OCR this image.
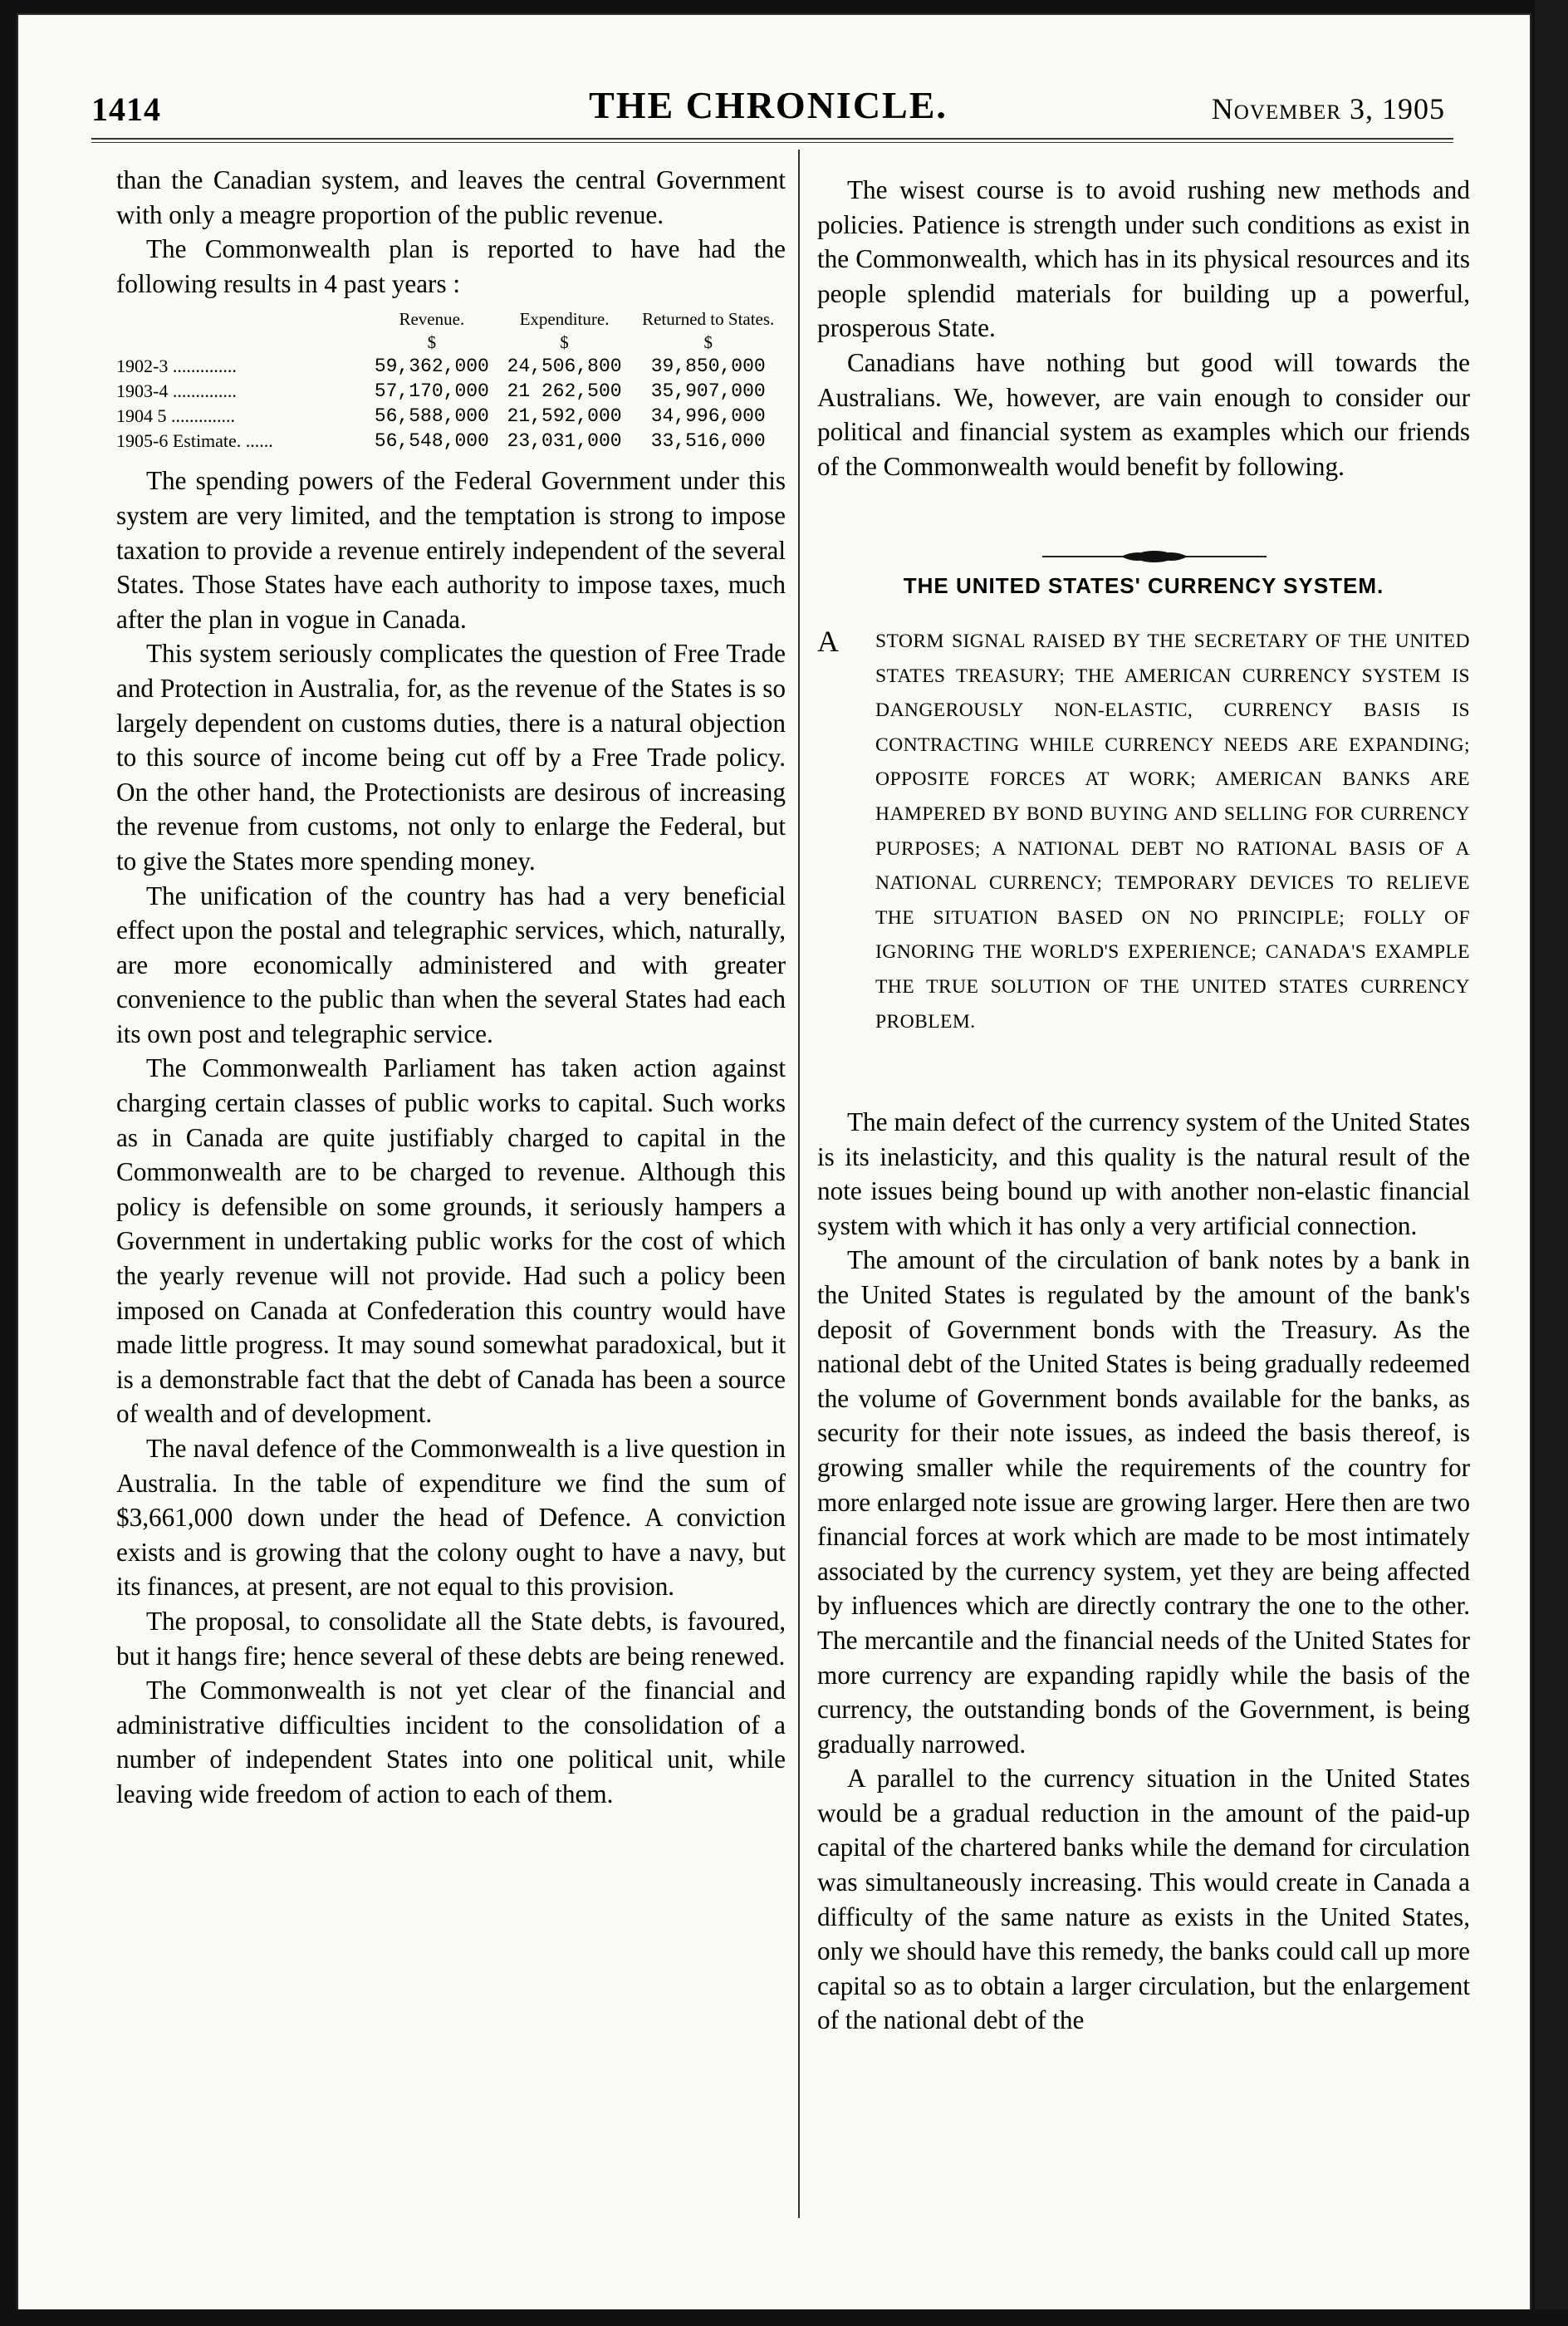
1414	THE CHRONICLE.	November 3, 1905

than the Canadian system, and leaves the central Government with only a meagre proportion of the public revenue.

The Commonwealth plan is reported to have had the following results in 4 past years :

	Revenue.	Expenditure.	Returned to States.
	$	$	$
1902-3 ..............	59,362,000	24,506,800	39,850,000
1903-4 ..............	57,170,000	21 262,500	35,907,000
1904 5 ..............	56,588,000	21,592,000	34,996,000
1905-6 Estimate. ......	56,548,000	23,031,000	33,516,000

The spending powers of the Federal Government under this system are very limited, and the temptation is strong to impose taxation to provide a revenue entirely independent of the several States. Those States have each authority to impose taxes, much after the plan in vogue in Canada.

This system seriously complicates the question of Free Trade and Protection in Australia, for, as the revenue of the States is so largely dependent on customs duties, there is a natural objection to this source of income being cut off by a Free Trade policy. On the other hand, the Protectionists are desirous of increasing the revenue from customs, not only to enlarge the Federal, but to give the States more spending money.

The unification of the country has had a very beneficial effect upon the postal and telegraphic services, which, naturally, are more economically administered and with greater convenience to the public than when the several States had each its own post and telegraphic service.

The Commonwealth Parliament has taken action against charging certain classes of public works to capital. Such works as in Canada are quite justifiably charged to capital in the Commonwealth are to be charged to revenue. Although this policy is defensible on some grounds, it seriously hampers a Government in undertaking public works for the cost of which the yearly revenue will not provide. Had such a policy been imposed on Canada at Confederation this country would have made little progress. It may sound somewhat paradoxical, but it is a demonstrable fact that the debt of Canada has been a source of wealth and of development.

The naval defence of the Commonwealth is a live question in Australia. In the table of expenditure we find the sum of $3,661,000 down under the head of Defence. A conviction exists and is growing that the colony ought to have a navy, but its finances, at present, are not equal to this provision.

The proposal, to consolidate all the State debts, is favoured, but it hangs fire; hence several of these debts are being renewed.

The Commonwealth is not yet clear of the financial and administrative difficulties incident to the consolidation of a number of independent States into one political unit, while leaving wide freedom of action to each of them.

The wisest course is to avoid rushing new methods and policies. Patience is strength under such conditions as exist in the Commonwealth, which has in its physical resources and its people splendid materials for building up a powerful, prosperous State.

Canadians have nothing but good will towards the Australians. We, however, are vain enough to consider our political and financial system as examples which our friends of the Commonwealth would benefit by following.

THE UNITED STATES' CURRENCY SYSTEM.
A STORM SIGNAL RAISED BY THE SECRETARY OF THE UNITED STATES TREASURY; THE AMERICAN CURRENCY SYSTEM IS DANGEROUSLY NON-ELASTIC, CURRENCY BASIS IS CONTRACTING WHILE CURRENCY NEEDS ARE EXPANDING; OPPOSITE FORCES AT WORK; AMERICAN BANKS ARE HAMPERED BY BOND BUYING AND SELLING FOR CURRENCY PURPOSES; A NATIONAL DEBT NO RATIONAL BASIS OF A NATIONAL CURRENCY; TEMPORARY DEVICES TO RELIEVE THE SITUATION BASED ON NO PRINCIPLE; FOLLY OF IGNORING THE WORLD'S EXPERIENCE; CANADA'S EXAMPLE THE TRUE SOLUTION OF THE UNITED STATES CURRENCY PROBLEM.

The main defect of the currency system of the United States is its inelasticity, and this quality is the natural result of the note issues being bound up with another non-elastic financial system with which it has only a very artificial connection.

The amount of the circulation of bank notes by a bank in the United States is regulated by the amount of the bank's deposit of Government bonds with the Treasury. As the national debt of the United States is being gradually redeemed the volume of Government bonds available for the banks, as security for their note issues, as indeed the basis thereof, is growing smaller while the requirements of the country for more enlarged note issue are growing larger. Here then are two financial forces at work which are made to be most intimately associated by the currency system, yet they are being affected by influences which are directly contrary the one to the other. The mercantile and the financial needs of the United States for more currency are expanding rapidly while the basis of the currency, the outstanding bonds of the Government, is being gradually narrowed.

A parallel to the currency situation in the United States would be a gradual reduction in the amount of the paid-up capital of the chartered banks while the demand for circulation was simultaneously increasing. This would create in Canada a difficulty of the same nature as exists in the United States, only we should have this remedy, the banks could call up more capital so as to obtain a larger circulation, but the enlargement of the national debt of the
